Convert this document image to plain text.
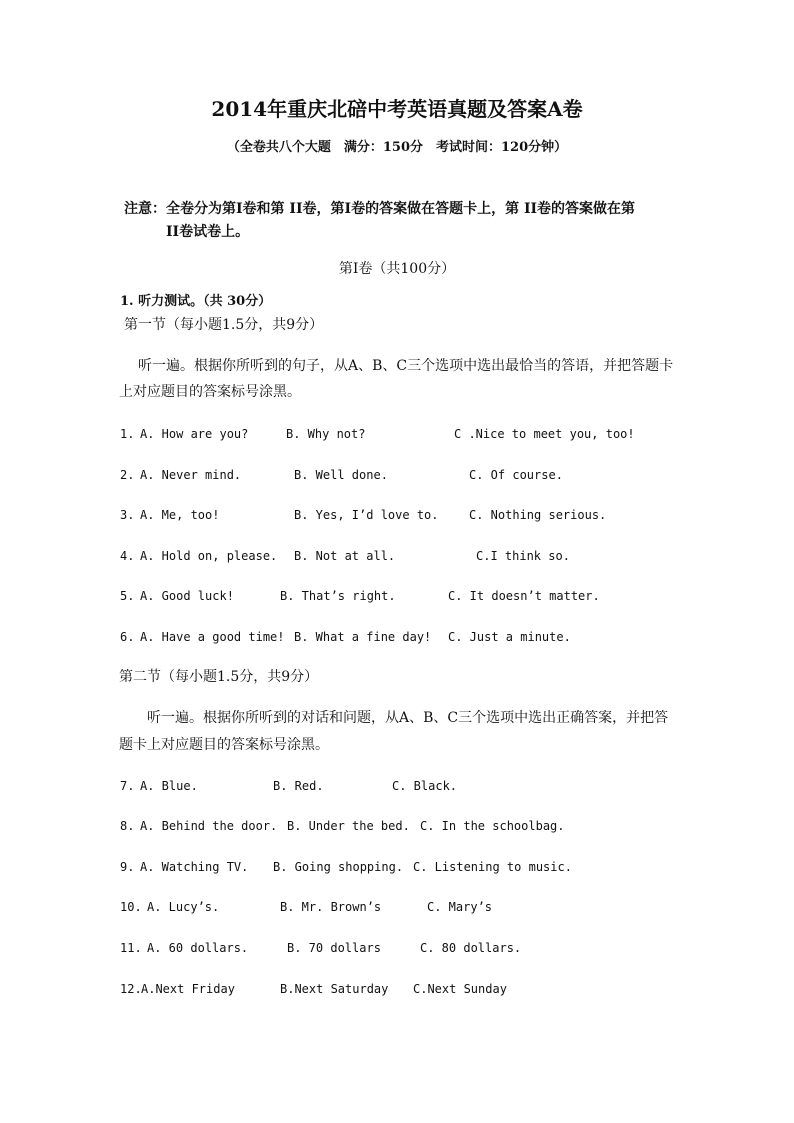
2014年重庆北碚中考英语真题及答案A卷
（全卷共八个大题　满分：150分　考试时间：120分钟）
注意：全卷分为第Ⅰ卷和第 II卷，第Ⅰ卷的答案做在答题卡上，第 II卷的答案做在第
II卷试卷上。
第Ⅰ卷（共100分）
1. 听力测试。（共 30分）
第一节（每小题1.5分，共9分）
听一遍。根据你所听到的句子，从A、B、C三个选项中选出最恰当的答语，并把答题卡
上对应题目的答案标号涂黑。
1. A. How are you?	B. Why not?	C .Nice to meet you, too!
2. A. Never mind.	B. Well done.	C. Of course.
3. A. Me, too!	B. Yes, I’d love to.	C. Nothing serious.
4. A. Hold on, please. B. Not at all.	C.I think so.
5. A. Good luck!	B. That’s right.	C. It doesn’t matter.
6. A. Have a good time! B. What a fine day! C. Just a minute.
第二节（每小题1.5分，共9分）
听一遍。根据你所听到的对话和问题，从A、B、C三个选项中选出正确答案，并把答
题卡上对应题目的答案标号涂黑。
7. A. Blue.	B. Red.	C. Black.
8. A. Behind the door. B. Under the bed. C. In the schoolbag.
9. A. Watching TV. B. Going shopping. C. Listening to music.
10. A. Lucy’s.	B. Mr. Brown’s	C. Mary’s
11. A. 60 dollars.	B. 70 dollars	C. 80 dollars.
12. A.Next Friday	B.Next Saturday C.Next Sunday
